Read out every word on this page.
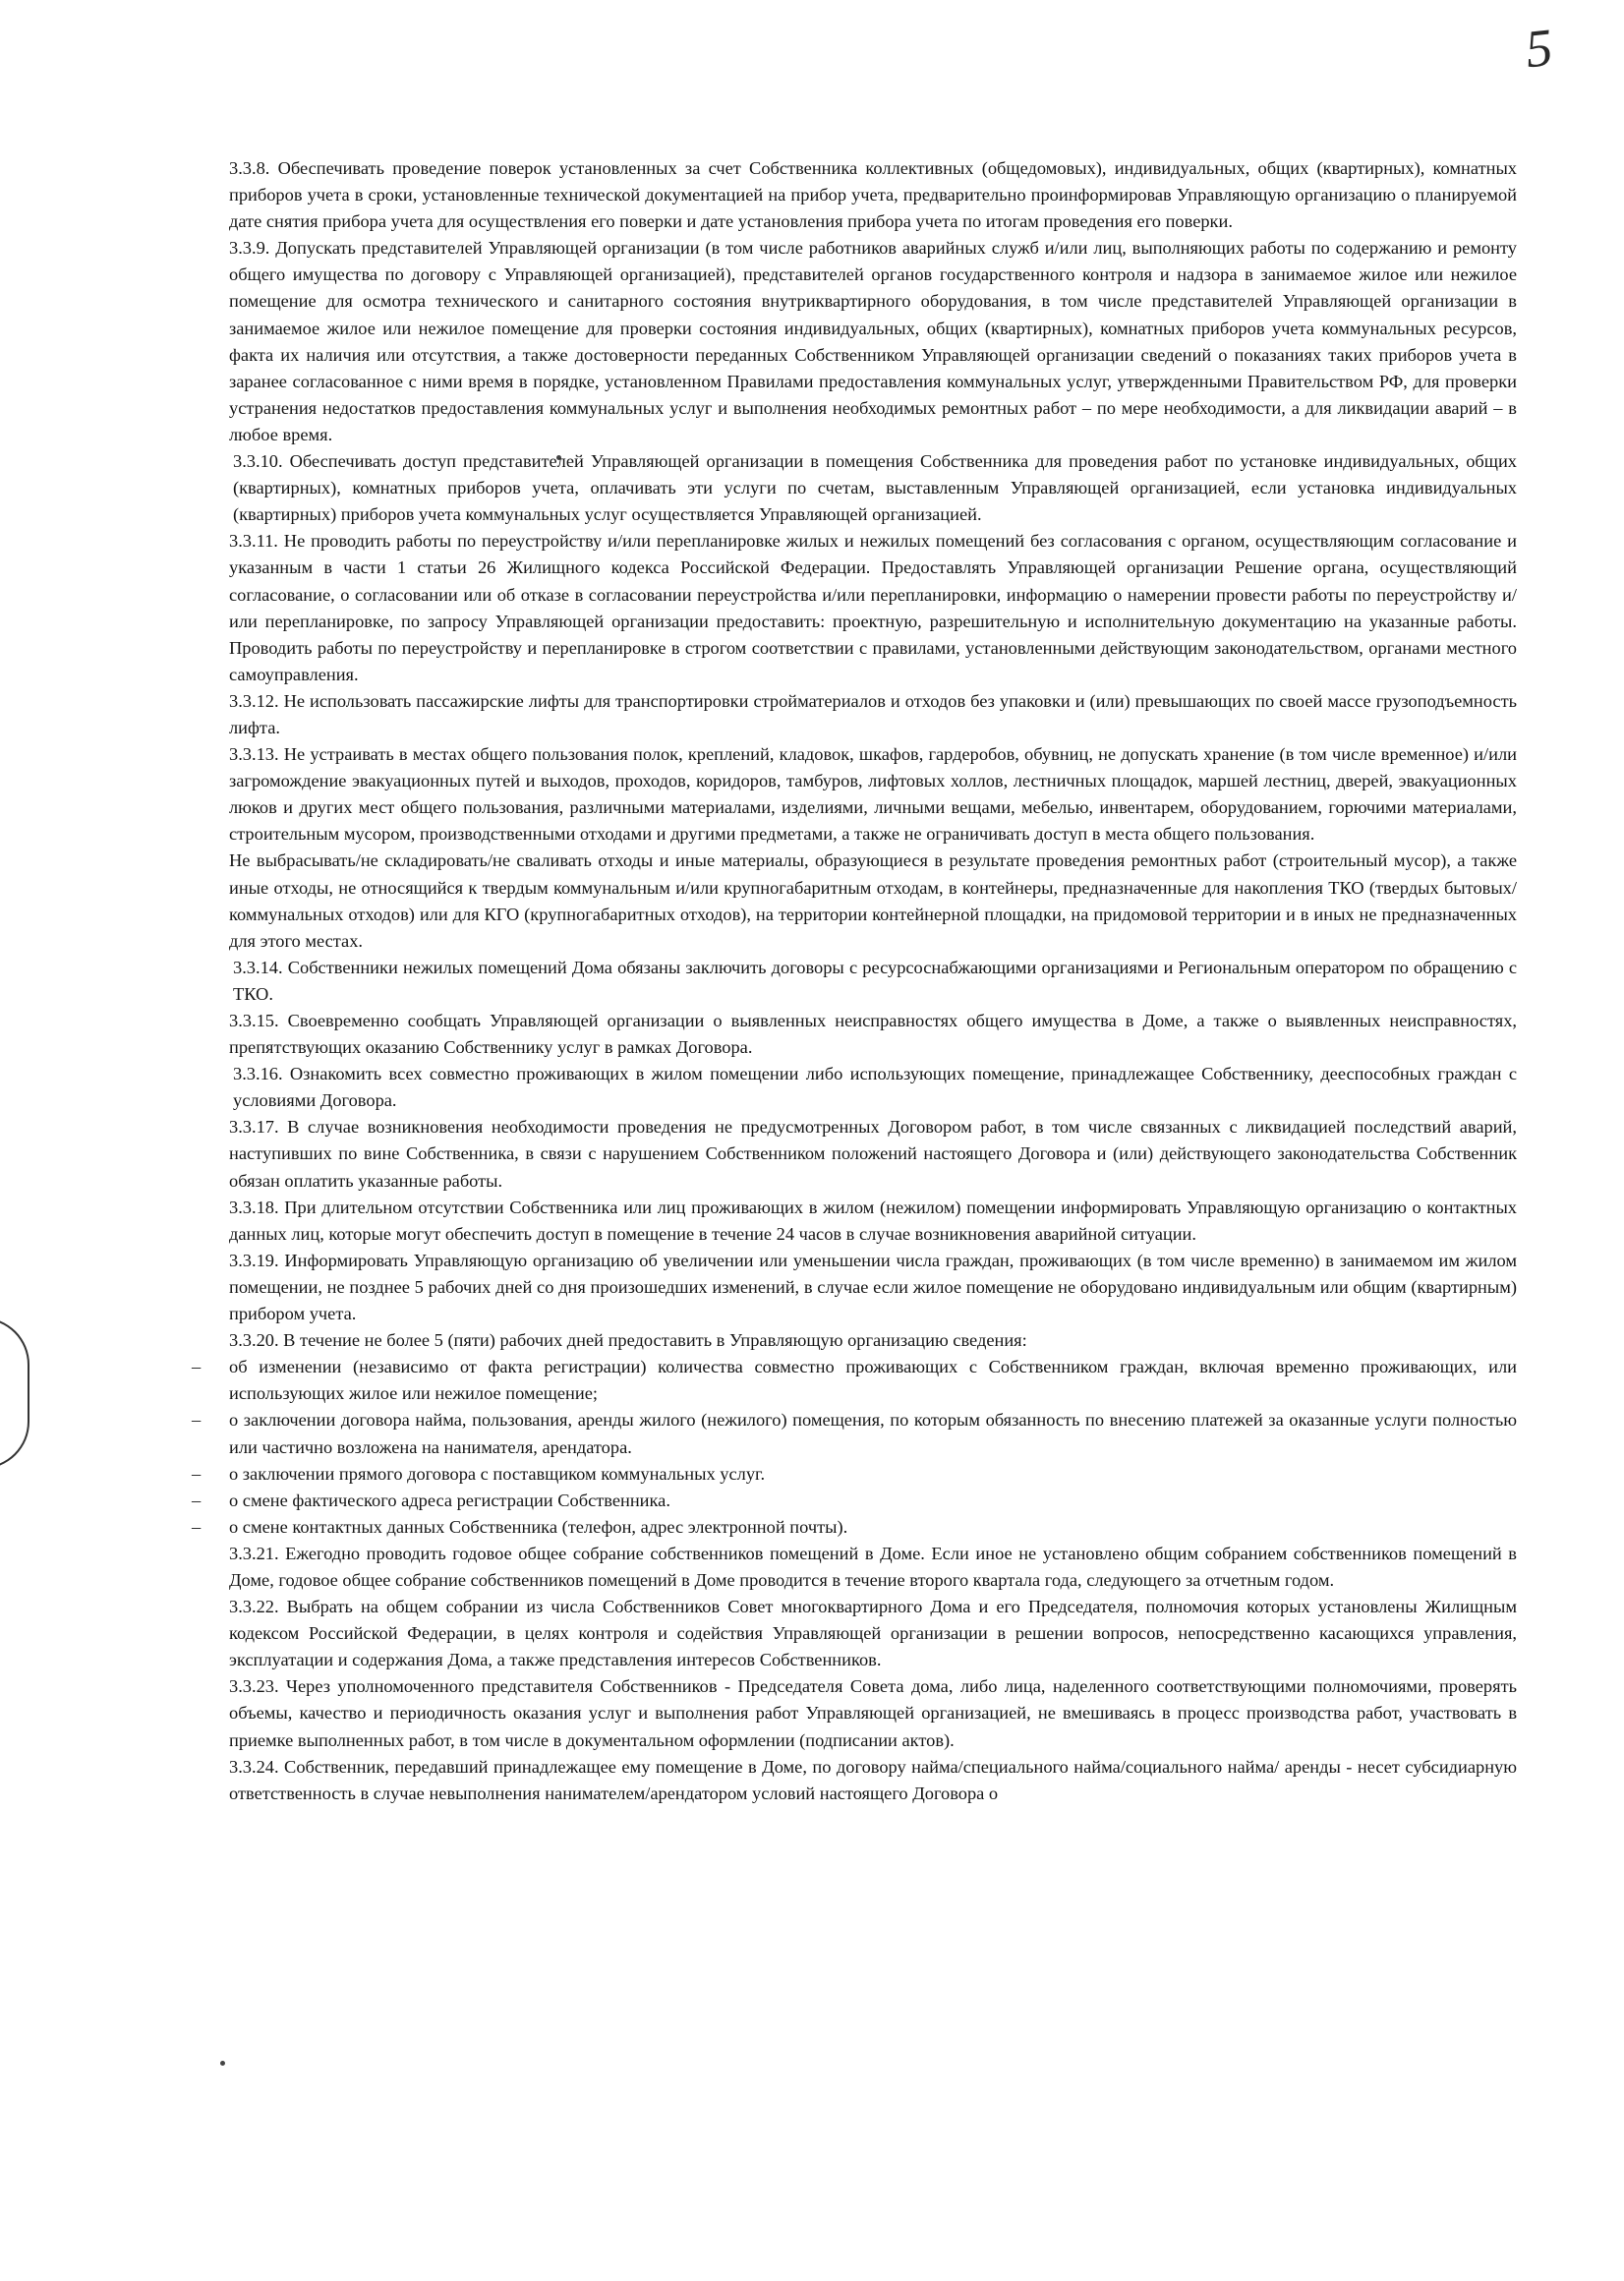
5

3.3.8. Обеспечивать проведение поверок установленных за счет Собственника коллективных (общедомовых), индивидуальных, общих (квартирных), комнатных приборов учета в сроки, установленные технической документацией на прибор учета, предварительно проинформировав Управляющую организацию о планируемой дате снятия прибора учета для осуществления его поверки и дате установления прибора учета по итогам проведения его поверки.

3.3.9. Допускать представителей Управляющей организации (в том числе работников аварийных служб и/или лиц, выполняющих работы по содержанию и ремонту общего имущества по договору с Управляющей организацией), представителей органов государственного контроля и надзора в занимаемое жилое или нежилое помещение для осмотра технического и санитарного состояния внутриквартирного оборудования, в том числе представителей Управляющей организации в занимаемое жилое или нежилое помещение для проверки состояния индивидуальных, общих (квартирных), комнатных приборов учета коммунальных ресурсов, факта их наличия или отсутствия, а также достоверности переданных Собственником Управляющей организации сведений о показаниях таких приборов учета в заранее согласованное с ними время в порядке, установленном Правилами предоставления коммунальных услуг, утвержденными Правительством РФ, для проверки устранения недостатков предоставления коммунальных услуг и выполнения необходимых ремонтных работ – по мере необходимости, а для ликвидации аварий – в любое время.

3.3.10. Обеспечивать доступ представителей Управляющей организации в помещения Собственника для проведения работ по установке индивидуальных, общих (квартирных), комнатных приборов учета, оплачивать эти услуги по счетам, выставленным Управляющей организацией, если установка индивидуальных (квартирных) приборов учета коммунальных услуг осуществляется Управляющей организацией.

3.3.11. Не проводить работы по переустройству и/или перепланировке жилых и нежилых помещений без согласования с органом, осуществляющим согласование и указанным в части 1 статьи 26 Жилищного кодекса Российской Федерации. Предоставлять Управляющей организации Решение органа, осуществляющий согласование, о согласовании или об отказе в согласовании переустройства и/или перепланировки, информацию о намерении провести работы по переустройству и/или перепланировке, по запросу Управляющей организации предоставить: проектную, разрешительную и исполнительную документацию на указанные работы. Проводить работы по переустройству и перепланировке в строгом соответствии с правилами, установленными действующим законодательством, органами местного самоуправления.

3.3.12. Не использовать пассажирские лифты для транспортировки стройматериалов и отходов без упаковки и (или) превышающих по своей массе грузоподъемность лифта.

3.3.13. Не устраивать в местах общего пользования полок, креплений, кладовок, шкафов, гардеробов, обувниц, не допускать хранение (в том числе временное) и/или загромождение эвакуационных путей и выходов, проходов, коридоров, тамбуров, лифтовых холлов, лестничных площадок, маршей лестниц, дверей, эвакуационных люков и других мест общего пользования, различными материалами, изделиями, личными вещами, мебелью, инвентарем, оборудованием, горючими материалами, строительным мусором, производственными отходами и другими предметами, а также не ограничивать доступ в места общего пользования.

Не выбрасывать/не складировать/не сваливать отходы и иные материалы, образующиеся в результате проведения ремонтных работ (строительный мусор), а также иные отходы, не относящийся к твердым коммунальным и/или крупногабаритным отходам, в контейнеры, предназначенные для накопления ТКО (твердых бытовых/коммунальных отходов) или для КГО (крупногабаритных отходов), на территории контейнерной площадки, на придомовой территории и в иных не предназначенных для этого местах.

3.3.14. Собственники нежилых помещений Дома обязаны заключить договоры с ресурсоснабжающими организациями и Региональным оператором по обращению с ТКО.

3.3.15. Своевременно сообщать Управляющей организации о выявленных неисправностях общего имущества в Доме, а также о выявленных неисправностях, препятствующих оказанию Собственнику услуг в рамках Договора.

3.3.16. Ознакомить всех совместно проживающих в жилом помещении либо использующих помещение, принадлежащее Собственнику, дееспособных граждан с условиями Договора.

3.3.17. В случае возникновения необходимости проведения не предусмотренных Договором работ, в том числе связанных с ликвидацией последствий аварий, наступивших по вине Собственника, в связи с нарушением Собственником положений настоящего Договора и (или) действующего законодательства Собственник обязан оплатить указанные работы.

3.3.18. При длительном отсутствии Собственника или лиц проживающих в жилом (нежилом) помещении информировать Управляющую организацию о контактных данных лиц, которые могут обеспечить доступ в помещение в течение 24 часов в случае возникновения аварийной ситуации.

3.3.19. Информировать Управляющую организацию об увеличении или уменьшении числа граждан, проживающих (в том числе временно) в занимаемом им жилом помещении, не позднее 5 рабочих дней со дня произошедших изменений, в случае если жилое помещение не оборудовано индивидуальным или общим (квартирным) прибором учета.

3.3.20. В течение не более 5 (пяти) рабочих дней предоставить в Управляющую организацию сведения:

–	об изменении (независимо от факта регистрации) количества совместно проживающих с Собственником граждан, включая временно проживающих, или использующих жилое или нежилое помещение;

–	о заключении договора найма, пользования, аренды жилого (нежилого) помещения, по которым обязанность по внесению платежей за оказанные услуги полностью или частично возложена на нанимателя, арендатора.

–	о заключении прямого договора с поставщиком коммунальных услуг.

–	о смене фактического адреса регистрации Собственника.

–	о смене контактных данных Собственника (телефон, адрес электронной почты).

3.3.21. Ежегодно проводить годовое общее собрание собственников помещений в Доме. Если иное не установлено общим собранием собственников помещений в Доме, годовое общее собрание собственников помещений в Доме проводится в течение второго квартала года, следующего за отчетным годом.

3.3.22. Выбрать на общем собрании из числа Собственников Совет многоквартирного Дома и его Председателя, полномочия которых установлены Жилищным кодексом Российской Федерации, в целях контроля и содействия Управляющей организации в решении вопросов, непосредственно касающихся управления, эксплуатации и содержания Дома, а также представления интересов Собственников.

3.3.23. Через уполномоченного представителя Собственников - Председателя Совета дома, либо лица, наделенного соответствующими полномочиями, проверять объемы, качество и периодичность оказания услуг и выполнения работ Управляющей организацией, не вмешиваясь в процесс производства работ, участвовать в приемке выполненных работ, в том числе в документальном оформлении (подписании актов).

3.3.24. Собственник, передавший принадлежащее ему помещение в Доме, по договору найма/специального найма/социального найма/ аренды - несет субсидиарную ответственность в случае невыполнения нанимателем/арендатором условий настоящего Договора о
